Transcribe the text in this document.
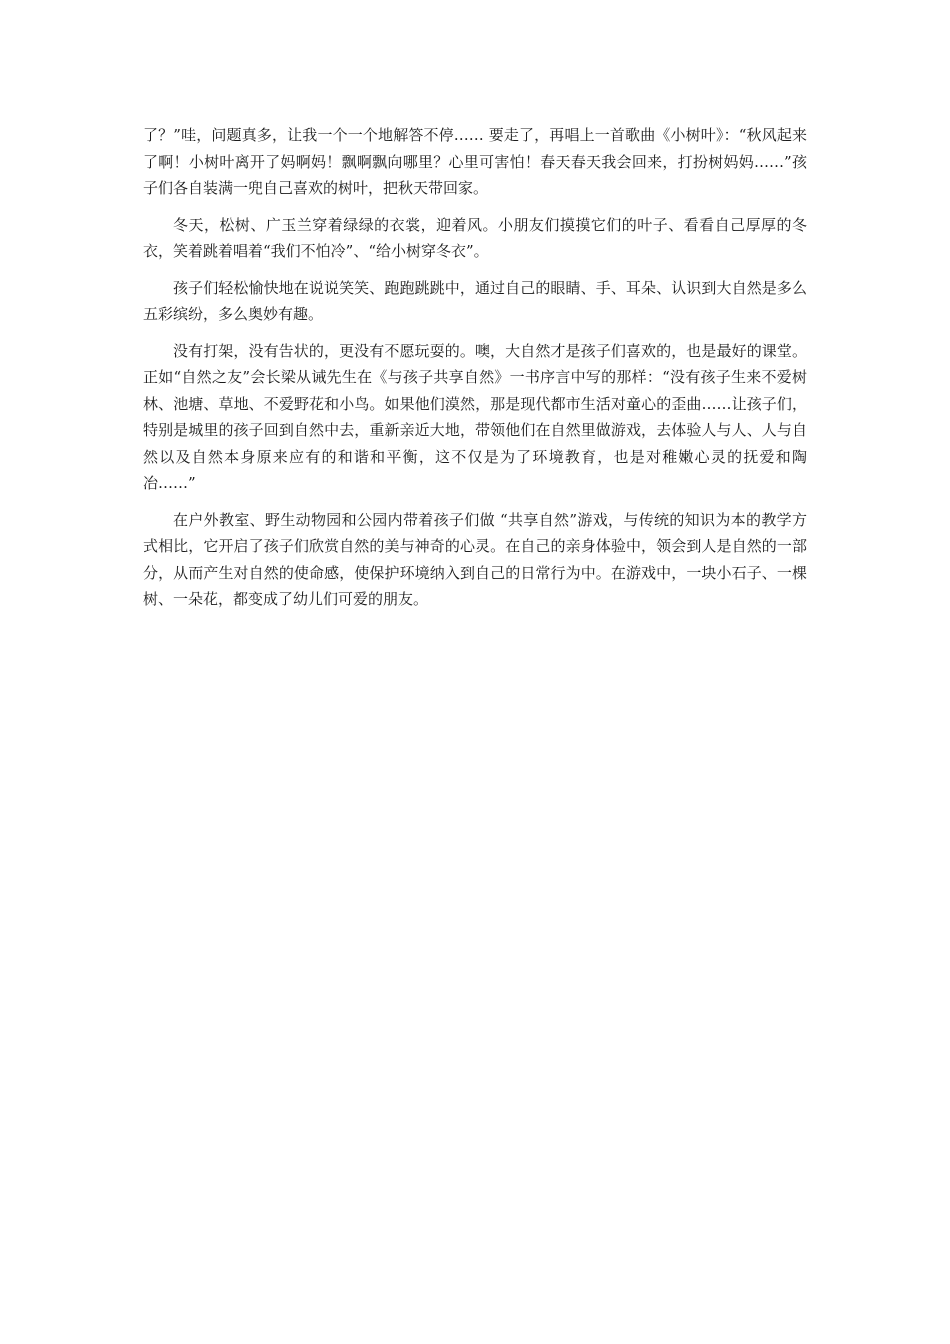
了？”哇，问题真多，让我一个一个地解答不停…… 要走了，再唱上一首歌曲《小树叶》：“秋风起来了啊！小树叶离开了妈啊妈！飘啊飘向哪里？心里可害怕！春天春天我会回来，打扮树妈妈……”孩子们各自装满一兜自己喜欢的树叶，把秋天带回家。

冬天，松树、广玉兰穿着绿绿的衣裳，迎着风。小朋友们摸摸它们的叶子、看看自己厚厚的冬衣，笑着跳着唱着“我们不怕冷”、“给小树穿冬衣”。

孩子们轻松愉快地在说说笑笑、跑跑跳跳中，通过自己的眼睛、手、耳朵、认识到大自然是多么五彩缤纷，多么奥妙有趣。

没有打架，没有告状的，更没有不愿玩耍的。噢，大自然才是孩子们喜欢的，也是最好的课堂。正如“自然之友”会长梁从诫先生在《与孩子共享自然》一书序言中写的那样：“没有孩子生来不爱树林、池塘、草地、不爱野花和小鸟。如果他们漠然，那是现代都市生活对童心的歪曲……让孩子们，特别是城里的孩子回到自然中去，重新亲近大地，带领他们在自然里做游戏，去体验人与人、人与自然以及自然本身原来应有的和谐和平衡，这不仅是为了环境教育，也是对稚嫩心灵的抚爱和陶冶……”

在户外教室、野生动物园和公园内带着孩子们做 “共享自然”游戏，与传统的知识为本的教学方式相比，它开启了孩子们欣赏自然的美与神奇的心灵。在自己的亲身体验中，领会到人是自然的一部分，从而产生对自然的使命感，使保护环境纳入到自己的日常行为中。在游戏中，一块小石子、一棵树、一朵花，都变成了幼儿们可爱的朋友。
